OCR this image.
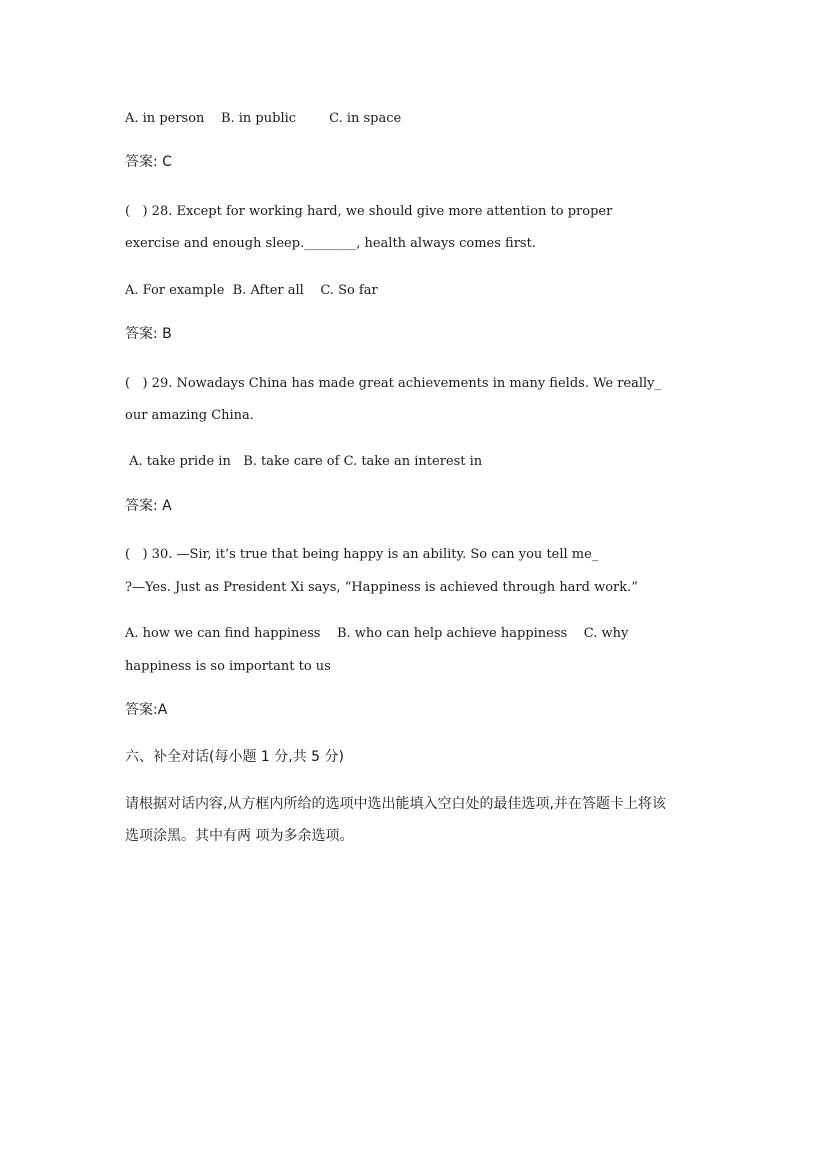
A. in person    B. in public        C. in space
答案: C
(   ) 28. Except for working hard, we should give more attention to proper
exercise and enough sleep.________, health always comes first.
A. For example  B. After all    C. So far
答案: B
(   ) 29. Nowadays China has made great achievements in many fields. We really_
our amazing China.
A. take pride in   B. take care of C. take an interest in
答案: A
(   ) 30. —Sir, it’s true that being happy is an ability. So can you tell me_
?—Yes. Just as President Xi says, “Happiness is achieved through hard work.”
A. how we can find happiness    B. who can help achieve happiness    C. why
happiness is so important to us
答案:A
六、补全对话(每小题 1 分,共 5 分)
请根据对话内容,从方框内所给的选项中选出能填入空白处的最佳选项,并在答题卡上将该
选项涂黑。其中有两 项为多余选项。
